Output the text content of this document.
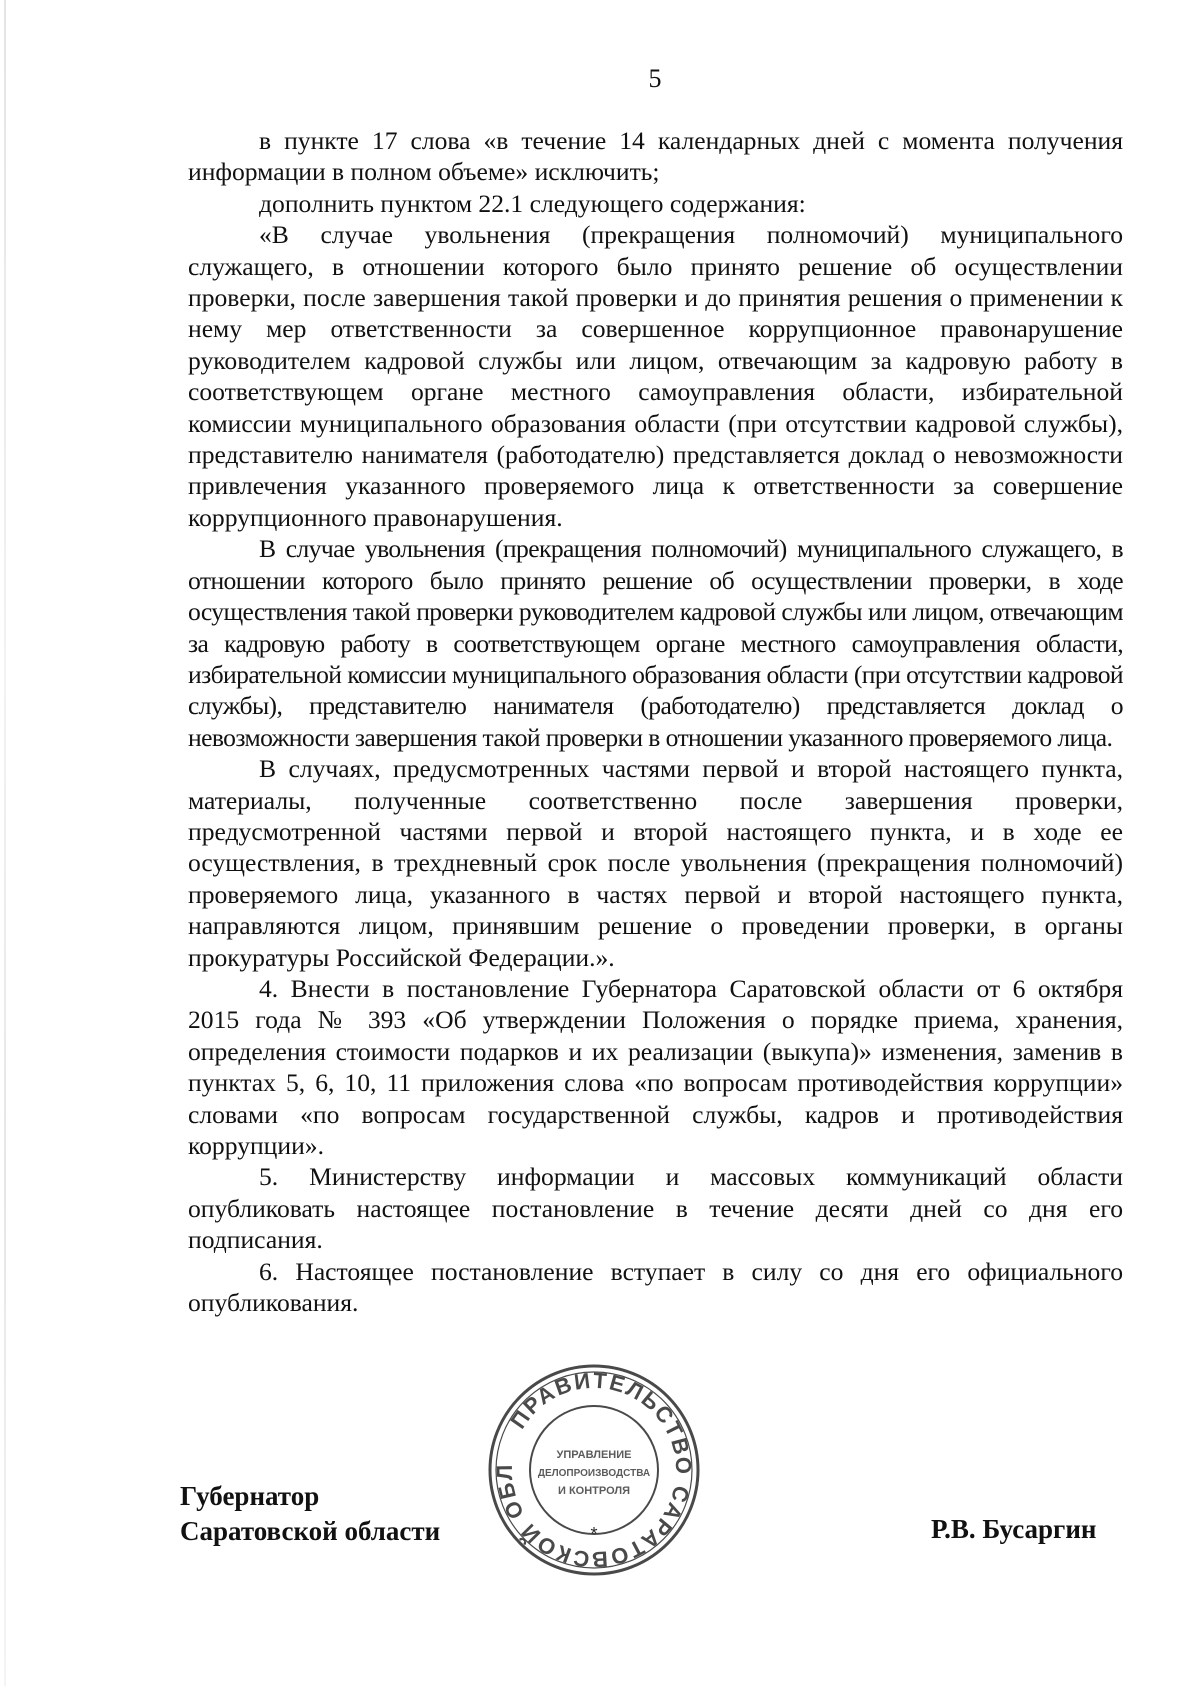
5

в пункте 17 слова «в течение 14 календарных дней с момента получения информации в полном объеме» исключить;

дополнить пунктом 22.1 следующего содержания:

«В случае увольнения (прекращения полномочий) муниципального служащего, в отношении которого было принято решение об осуществлении проверки, после завершения такой проверки и до принятия решения о применении к нему мер ответственности за совершенное коррупционное правонарушение руководителем кадровой службы или лицом, отвечающим за кадровую работу в соответствующем органе местного самоуправления области, избирательной комиссии муниципального образования области (при отсутствии кадровой службы), представителю нанимателя (работодателю) представляется доклад о невозможности привлечения указанного проверяемого лица к ответственности за совершение коррупционного правонарушения.

В случае увольнения (прекращения полномочий) муниципального служащего, в отношении которого было принято решение об осуществлении проверки, в ходе осуществления такой проверки руководителем кадровой службы или лицом, отвечающим за кадровую работу в соответствующем органе местного самоуправления области, избирательной комиссии муниципального образования области (при отсутствии кадровой службы), представителю нанимателя (работодателю) представляется доклад о невозможности завершения такой проверки в отношении указанного проверяемого лица.

В случаях, предусмотренных частями первой и второй настоящего пункта, материалы, полученные соответственно после завершения проверки, предусмотренной частями первой и второй настоящего пункта, и в ходе ее осуществления, в трехдневный срок после увольнения (прекращения полномочий) проверяемого лица, указанного в частях первой и второй настоящего пункта, направляются лицом, принявшим решение о проведении проверки, в органы прокуратуры Российской Федерации.».

4. Внести в постановление Губернатора Саратовской области от 6 октября 2015 года № 393 «Об утверждении Положения о порядке приема, хранения, определения стоимости подарков и их реализации (выкупа)» изменения, заменив в пунктах 5, 6, 10, 11 приложения слова «по вопросам противодействия коррупции» словами «по вопросам государственной службы, кадров и противодействия коррупции».

5. Министерству информации и массовых коммуникаций области опубликовать настоящее постановление в течение десяти дней со дня его подписания.

6. Настоящее постановление вступает в силу со дня его официального опубликования.

Губернатор
Саратовской области
ПРАВИТЕЛЬСТВО САРАТОВСКОЙ ОБЛ
*
УПРАВЛЕНИЕ
ДЕЛОПРОИЗВОДСТВА
И КОНТРОЛЯ
Р.В. Бусаргин
